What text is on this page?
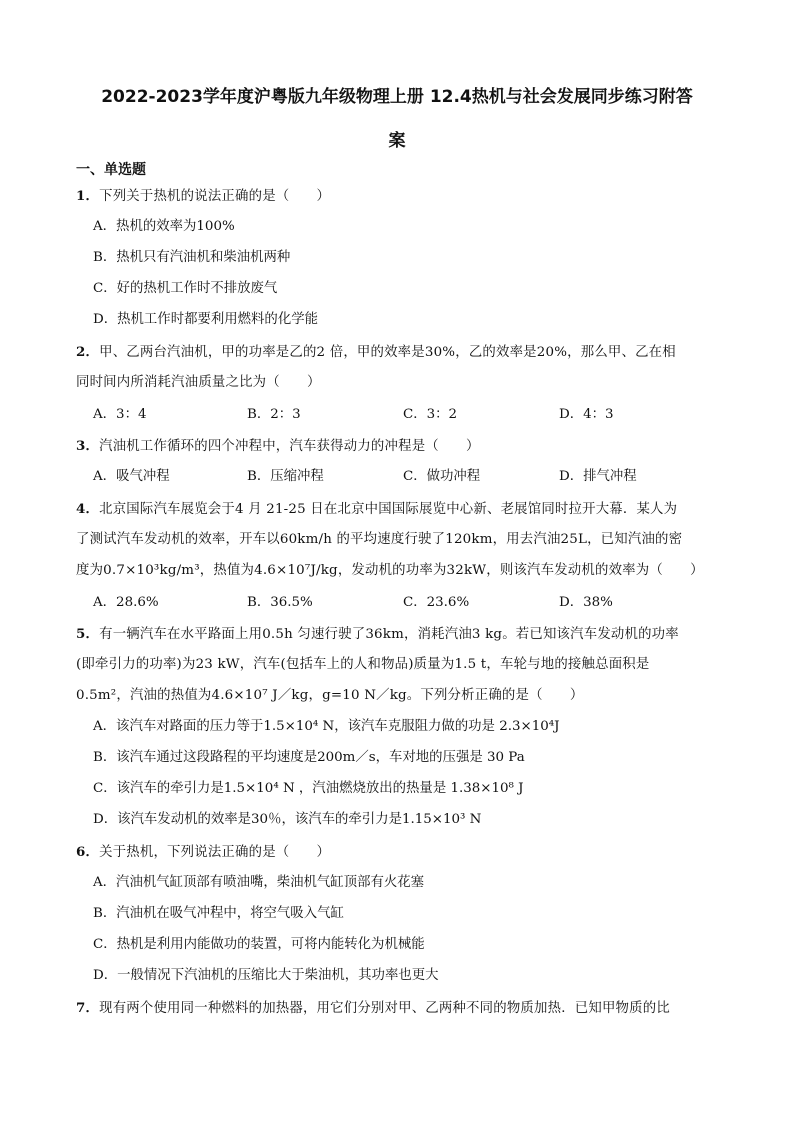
2022-2023学年度沪粤版九年级物理上册 12.4热机与社会发展同步练习附答
案
一、单选题
1．下列关于热机的说法正确的是（　　）
A．热机的效率为100%
B．热机只有汽油机和柴油机两种
C．好的热机工作时不排放废气
D．热机工作时都要利用燃料的化学能
2．甲、乙两台汽油机，甲的功率是乙的2 倍，甲的效率是30%，乙的效率是20%，那么甲、乙在相
同时间内所消耗汽油质量之比为（　　）
A．3：4	B．2：3	C．3：2	D．4：3
3．汽油机工作循环的四个冲程中，汽车获得动力的冲程是（　　）
A．吸气冲程	B．压缩冲程	C．做功冲程	D．排气冲程
4．北京国际汽车展览会于4 月 21-25 日在北京中国国际展览中心新、老展馆同时拉开大幕．某人为
了测试汽车发动机的效率，开车以60km/h 的平均速度行驶了120km，用去汽油25L，已知汽油的密
度为0.7×10³kg/m³，热值为4.6×10⁷J/kg，发动机的功率为32kW，则该汽车发动机的效率为（　　）
A．28.6%	B．36.5%	C．23.6%	D．38%
5．有一辆汽车在水平路面上用0.5h 匀速行驶了36km，消耗汽油3 kg。若已知该汽车发动机的功率
(即牵引力的功率)为23 kW，汽车(包括车上的人和物品)质量为1.5 t，车轮与地的接触总面积是
0.5m²，汽油的热值为4.6×10⁷ J／kg，g=10 N／kg。下列分析正确的是（　　）
A．该汽车对路面的压力等于1.5×10⁴ N，该汽车克服阻力做的功是 2.3×10⁴J
B．该汽车通过这段路程的平均速度是200m／s，车对地的压强是 30 Pa
C．该汽车的牵引力是1.5×10⁴ N ，汽油燃烧放出的热量是 1.38×10⁸ J
D．该汽车发动机的效率是30％，该汽车的牵引力是1.15×10³ N
6．关于热机，下列说法正确的是（　　）
A．汽油机气缸顶部有喷油嘴，柴油机气缸顶部有火花塞
B．汽油机在吸气冲程中，将空气吸入气缸
C．热机是利用内能做功的装置，可将内能转化为机械能
D．一般情况下汽油机的压缩比大于柴油机，其功率也更大
7．现有两个使用同一种燃料的加热器，用它们分别对甲、乙两种不同的物质加热．已知甲物质的比
